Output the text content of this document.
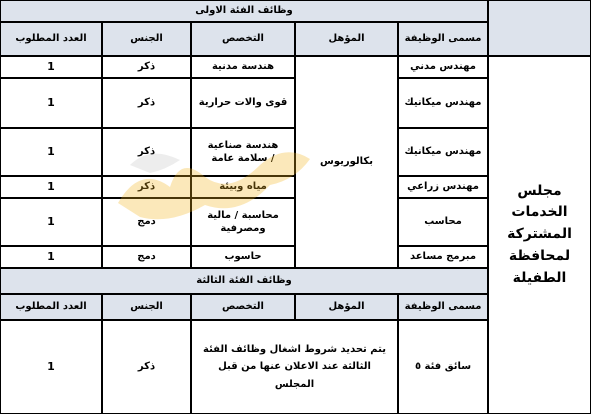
وظائف الفئة الاولى
مسمى الوظيفة
المؤهل
التخصص
الجنس
العدد المطلوب
مجلس الخدمات المشتركة لمحافظة الطفيلة
بكالوريوس
مهندس مدني
هندسة مدنية
ذكر
1
مهندس ميكانيك
قوى والات حرارية
ذكر
1
مهندس ميكانيك
هندسة صناعية / سلامة عامة
ذكر
1
مهندس زراعي
مياه وبيئة
ذكر
1
محاسب
محاسبة / مالية ومصرفية
دمج
1
مبرمج مساعد
حاسوب
دمج
1
وظائف الفئة الثالثة
مسمى الوظيفة
المؤهل
التخصص
الجنس
العدد المطلوب
سائق فئة ٥
يتم تحديد شروط اشغال وظائف الفئة الثالثة عند الاعلان عنها من قبل المجلس
ذكر
1
